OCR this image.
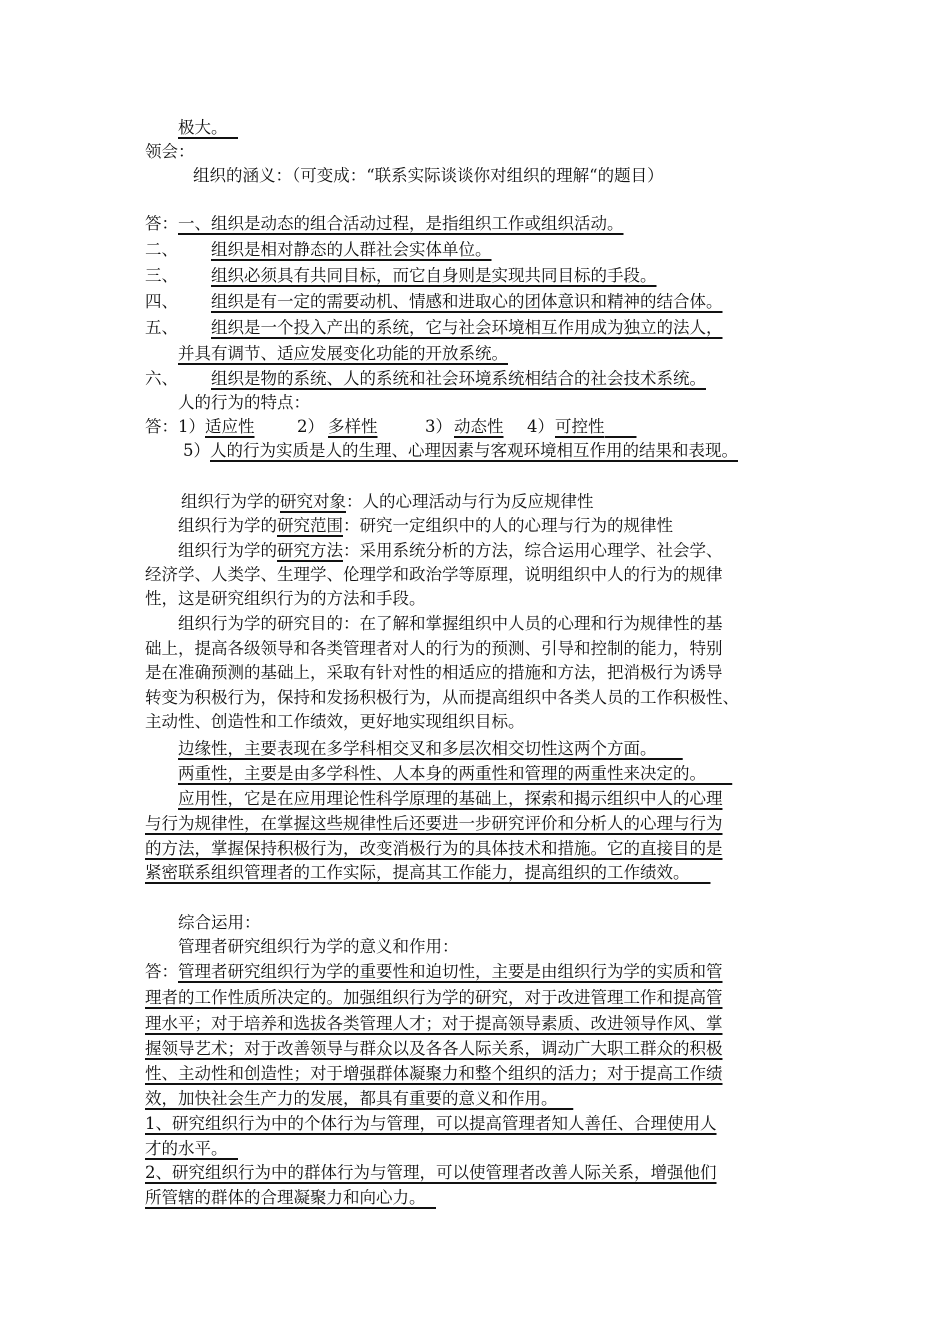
极大。
领会：
组织的涵义：（可变成：“联系实际谈谈你对组织的理解“的题目）
答：一、组织是动态的组合活动过程，是指组织工作或组织活动。
二、 组织是相对静态的人群社会实体单位。
三、 组织必须具有共同目标，而它自身则是实现共同目标的手段。
四、 组织是有一定的需要动机、情感和进取心的团体意识和精神的结合体。
五、 组织是一个投入产出的系统，它与社会环境相互作用成为独立的法人，
并具有调节、适应发展变化功能的开放系统。
六、 组织是物的系统、人的系统和社会环境系统相结合的社会技术系统。
人的行为的特点：
答：1）适应性	2） 多样性	3） 动态性 4） 可控性

5）人的行为实质是人的生理、心理因素与客观环境相互作用的结果和表现。
组织行为学的研究对象：人的心理活动与行为反应规律性
组织行为学的研究范围：研究一定组织中的人的心理与行为的规律性
组织行为学的研究方法：采用系统分析的方法，综合运用心理学、社会学、
经济学、人类学、生理学、伦理学和政治学等原理，说明组织中人的行为的规律
性，这是研究组织行为的方法和手段。
组织行为学的研究目的：在了解和掌握组织中人员的心理和行为规律性的基
础上，提高各级领导和各类管理者对人的行为的预测、引导和控制的能力，特别
是在准确预测的基础上，采取有针对性的相适应的措施和方法，把消极行为诱导
转变为积极行为，保持和发扬积极行为，从而提高组织中各类人员的工作积极性、
主动性、创造性和工作绩效，更好地实现组织目标。
边缘性，主要表现在多学科相交叉和多层次相交切性这两个方面。
两重性，主要是由多学科性、人本身的两重性和管理的两重性来决定的。
应用性，它是在应用理论性科学原理的基础上，探索和揭示组织中人的心理
与行为规律性，在掌握这些规律性后还要进一步研究评价和分析人的心理与行为
的方法，掌握保持积极行为，改变消极行为的具体技术和措施。它的直接目的是
紧密联系组织管理者的工作实际，提高其工作能力，提高组织的工作绩效。
综合运用：
管理者研究组织行为学的意义和作用：
答：管理者研究组织行为学的重要性和迫切性，主要是由组织行为学的实质和管
理者的工作性质所决定的。加强组织行为学的研究，对于改进管理工作和提高管
理水平；对于培养和选拔各类管理人才；对于提高领导素质、改进领导作风、掌
握领导艺术；对于改善领导与群众以及各各人际关系，调动广大职工群众的积极
性、主动性和创造性；对于增强群体凝聚力和整个组织的活力；对于提高工作绩
效，加快社会生产力的发展，都具有重要的意义和作用。
1、研究组织行为中的个体行为与管理，可以提高管理者知人善任、合理使用人
才的水平。
2、研究组织行为中的群体行为与管理，可以使管理者改善人际关系，增强他们
所管辖的群体的合理凝聚力和向心力。
